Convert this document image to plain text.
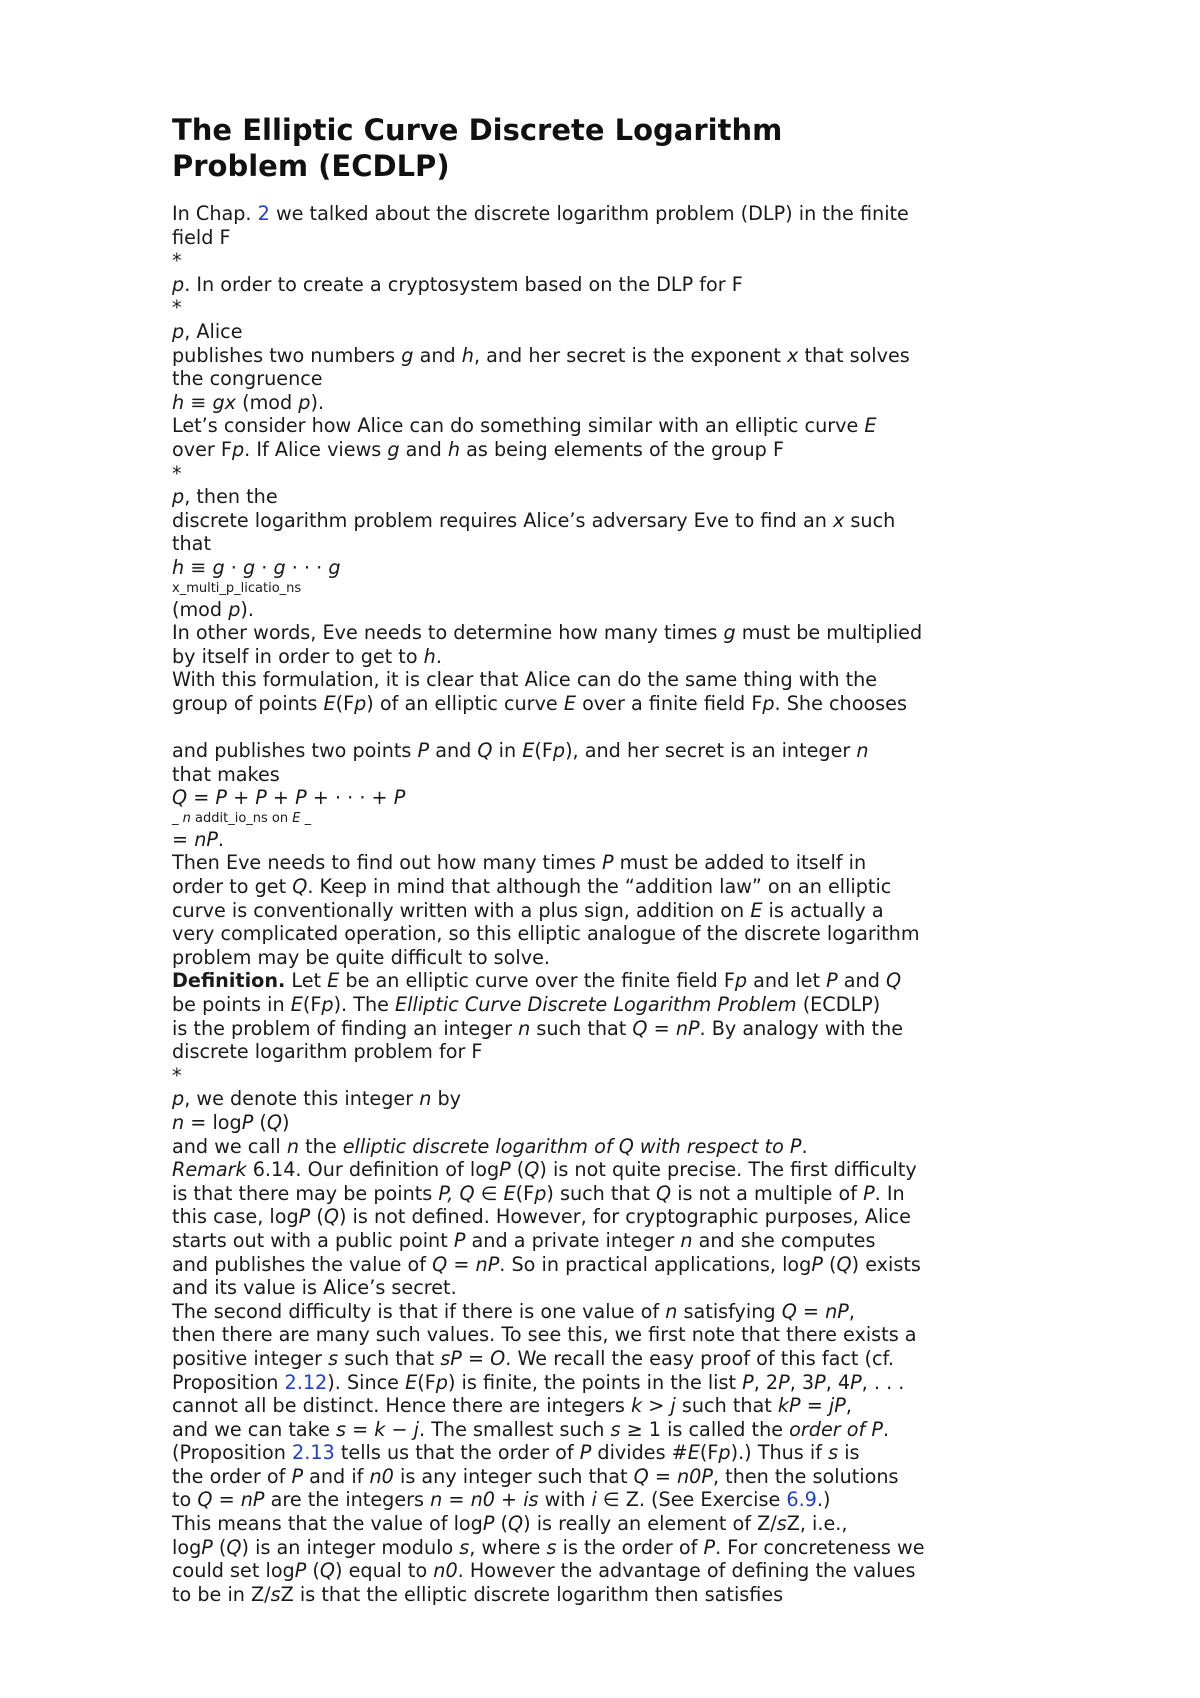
The Elliptic Curve Discrete Logarithm
Problem (ECDLP)
In Chap. 2 we talked about the discrete logarithm problem (DLP) in the finite
field F
*
p. In order to create a cryptosystem based on the DLP for F
*
p, Alice
publishes two numbers g and h, and her secret is the exponent x that solves
the congruence
h ≡ gx (mod p).
Let’s consider how Alice can do something similar with an elliptic curve E
over Fp. If Alice views g and h as being elements of the group F
*
p, then the
discrete logarithm problem requires Alice’s adversary Eve to find an x such
that
h ≡ g · g · g · · · g
x_multi_p_licatio_ns
(mod p).
In other words, Eve needs to determine how many times g must be multiplied
by itself in order to get to h.
With this formulation, it is clear that Alice can do the same thing with the
group of points E(Fp) of an elliptic curve E over a finite field Fp. She chooses
and publishes two points P and Q in E(Fp), and her secret is an integer n
that makes
Q = P + P + P + · · · + P
_ n addit_io_ns on E _
= nP.
Then Eve needs to find out how many times P must be added to itself in
order to get Q. Keep in mind that although the “addition law” on an elliptic
curve is conventionally written with a plus sign, addition on E is actually a
very complicated operation, so this elliptic analogue of the discrete logarithm
problem may be quite difficult to solve.
Definition. Let E be an elliptic curve over the finite field Fp and let P and Q
be points in E(Fp). The Elliptic Curve Discrete Logarithm Problem (ECDLP)
is the problem of finding an integer n such that Q = nP. By analogy with the
discrete logarithm problem for F
*
p, we denote this integer n by
n = logP (Q)
and we call n the elliptic discrete logarithm of Q with respect to P.
Remark 6.14. Our definition of logP (Q) is not quite precise. The first difficulty
is that there may be points P, Q ∈ E(Fp) such that Q is not a multiple of P. In
this case, logP (Q) is not defined. However, for cryptographic purposes, Alice
starts out with a public point P and a private integer n and she computes
and publishes the value of Q = nP. So in practical applications, logP (Q) exists
and its value is Alice’s secret.
The second difficulty is that if there is one value of n satisfying Q = nP,
then there are many such values. To see this, we first note that there exists a
positive integer s such that sP = O. We recall the easy proof of this fact (cf.
Proposition 2.12). Since E(Fp) is finite, the points in the list P, 2P, 3P, 4P, . . .
cannot all be distinct. Hence there are integers k > j such that kP = jP,
and we can take s = k − j. The smallest such s ≥ 1 is called the order of P.
(Proposition 2.13 tells us that the order of P divides #E(Fp).) Thus if s is
the order of P and if n0 is any integer such that Q = n0P, then the solutions
to Q = nP are the integers n = n0 + is with i ∈ Z. (See Exercise 6.9.)
This means that the value of logP (Q) is really an element of Z/sZ, i.e.,
logP (Q) is an integer modulo s, where s is the order of P. For concreteness we
could set logP (Q) equal to n0. However the advantage of defining the values
to be in Z/sZ is that the elliptic discrete logarithm then satisfies
